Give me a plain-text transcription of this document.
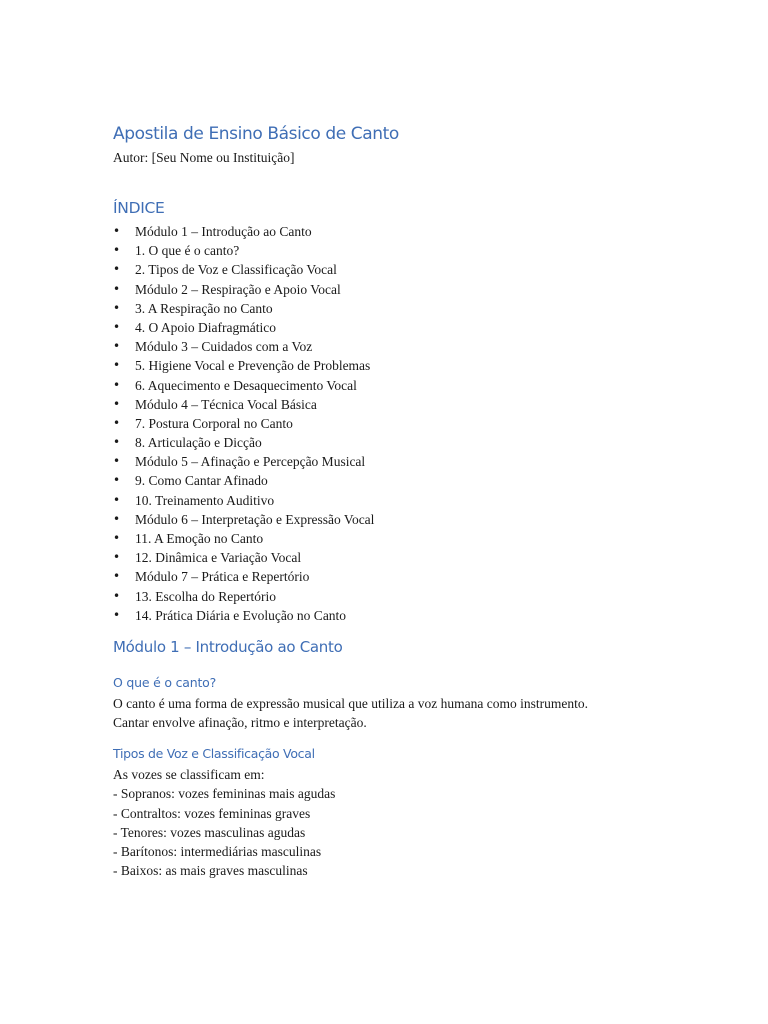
Apostila de Ensino Básico de Canto
Autor: [Seu Nome ou Instituição]
ÍNDICE
• Módulo 1 – Introdução ao Canto
• 1. O que é o canto?
• 2. Tipos de Voz e Classificação Vocal
• Módulo 2 – Respiração e Apoio Vocal
• 3. A Respiração no Canto
• 4. O Apoio Diafragmático
• Módulo 3 – Cuidados com a Voz
• 5. Higiene Vocal e Prevenção de Problemas
• 6. Aquecimento e Desaquecimento Vocal
• Módulo 4 – Técnica Vocal Básica
• 7. Postura Corporal no Canto
• 8. Articulação e Dicção
• Módulo 5 – Afinação e Percepção Musical
• 9. Como Cantar Afinado
• 10. Treinamento Auditivo
• Módulo 6 – Interpretação e Expressão Vocal
• 11. A Emoção no Canto
• 12. Dinâmica e Variação Vocal
• Módulo 7 – Prática e Repertório
• 13. Escolha do Repertório
• 14. Prática Diária e Evolução no Canto
Módulo 1 – Introdução ao Canto
O que é o canto?
O canto é uma forma de expressão musical que utiliza a voz humana como instrumento.
Cantar envolve afinação, ritmo e interpretação.
Tipos de Voz e Classificação Vocal
As vozes se classificam em:
- Sopranos: vozes femininas mais agudas
- Contraltos: vozes femininas graves
- Tenores: vozes masculinas agudas
- Barítonos: intermediárias masculinas
- Baixos: as mais graves masculinas
